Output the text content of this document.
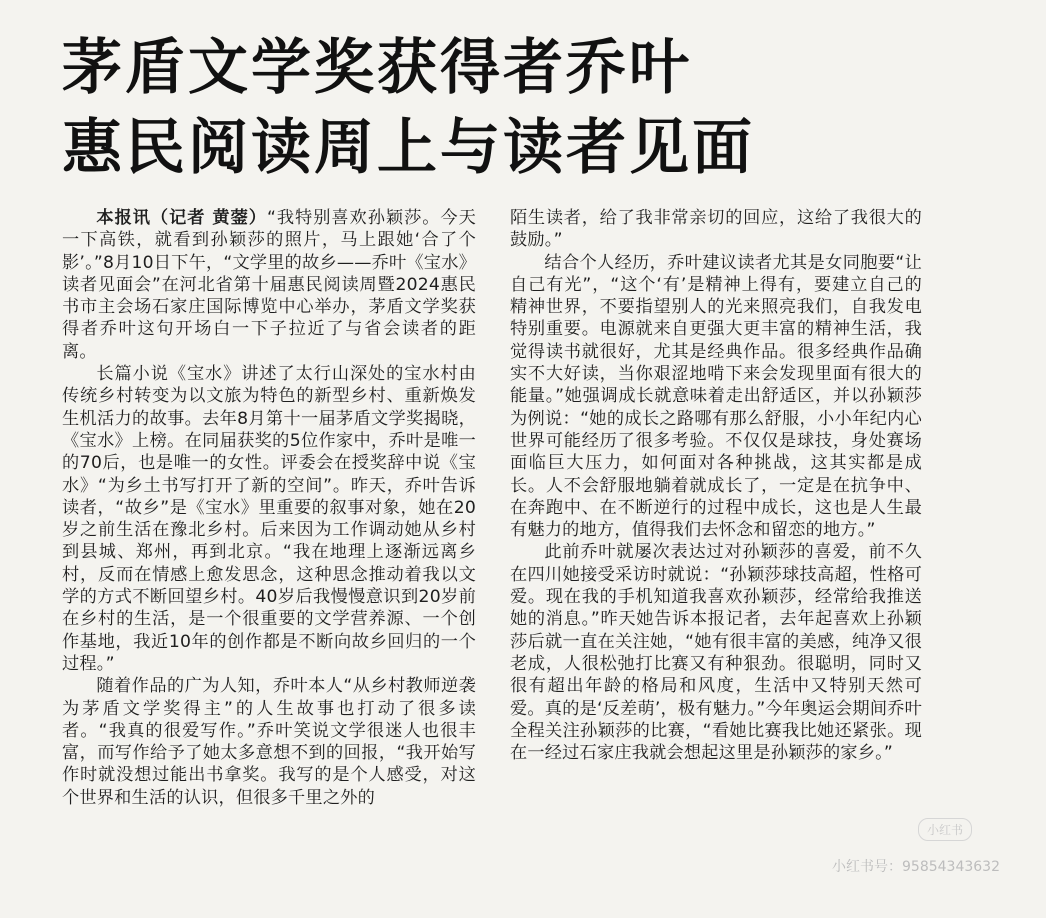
茅盾文学奖获得者乔叶
惠民阅读周上与读者见面

本报讯（记者 黄蓥）“我特别喜欢孙颖莎。今天一下高铁，就看到孙颖莎的照片，马上跟她‘合了个影’。”8月10日下午，“文学里的故乡——乔叶《宝水》读者见面会”在河北省第十届惠民阅读周暨2024惠民书市主会场石家庄国际博览中心举办，茅盾文学奖获得者乔叶这句开场白一下子拉近了与省会读者的距离。

长篇小说《宝水》讲述了太行山深处的宝水村由传统乡村转变为以文旅为特色的新型乡村、重新焕发生机活力的故事。去年8月第十一届茅盾文学奖揭晓，《宝水》上榜。在同届获奖的5位作家中，乔叶是唯一的70后，也是唯一的女性。评委会在授奖辞中说《宝水》“为乡土书写打开了新的空间”。昨天，乔叶告诉读者，“故乡”是《宝水》里重要的叙事对象，她在20岁之前生活在豫北乡村。后来因为工作调动她从乡村到县城、郑州，再到北京。“我在地理上逐渐远离乡村，反而在情感上愈发思念，这种思念推动着我以文学的方式不断回望乡村。40岁后我慢慢意识到20岁前在乡村的生活，是一个很重要的文学营养源、一个创作基地，我近10年的创作都是不断向故乡回归的一个过程。”

随着作品的广为人知，乔叶本人“从乡村教师逆袭为茅盾文学奖得主”的人生故事也打动了很多读者。“我真的很爱写作。”乔叶笑说文学很迷人也很丰富，而写作给予了她太多意想不到的回报，“我开始写作时就没想过能出书拿奖。我写的是个人感受，对这个世界和生活的认识，但很多千里之外的

陌生读者，给了我非常亲切的回应，这给了我很大的鼓励。”

结合个人经历，乔叶建议读者尤其是女同胞要“让自己有光”，“这个‘有’是精神上得有，要建立自己的精神世界，不要指望别人的光来照亮我们，自我发电特别重要。电源就来自更强大更丰富的精神生活，我觉得读书就很好，尤其是经典作品。很多经典作品确实不大好读，当你艰涩地啃下来会发现里面有很大的能量。”她强调成长就意味着走出舒适区，并以孙颖莎为例说：“她的成长之路哪有那么舒服，小小年纪内心世界可能经历了很多考验。不仅仅是球技，身处赛场面临巨大压力，如何面对各种挑战，这其实都是成长。人不会舒服地躺着就成长了，一定是在抗争中、在奔跑中、在不断逆行的过程中成长，这也是人生最有魅力的地方，值得我们去怀念和留恋的地方。”

此前乔叶就屡次表达过对孙颖莎的喜爱，前不久在四川她接受采访时就说：“孙颖莎球技高超，性格可爱。现在我的手机知道我喜欢孙颖莎，经常给我推送她的消息。”昨天她告诉本报记者，去年起喜欢上孙颖莎后就一直在关注她，“她有很丰富的美感，纯净又很老成，人很松弛打比赛又有种狠劲。很聪明，同时又很有超出年龄的格局和风度，生活中又特别天然可爱。真的是‘反差萌’，极有魅力。”今年奥运会期间乔叶全程关注孙颖莎的比赛，“看她比赛我比她还紧张。现在一经过石家庄我就会想起这里是孙颖莎的家乡。”

小红书
小红书号：95854343632
